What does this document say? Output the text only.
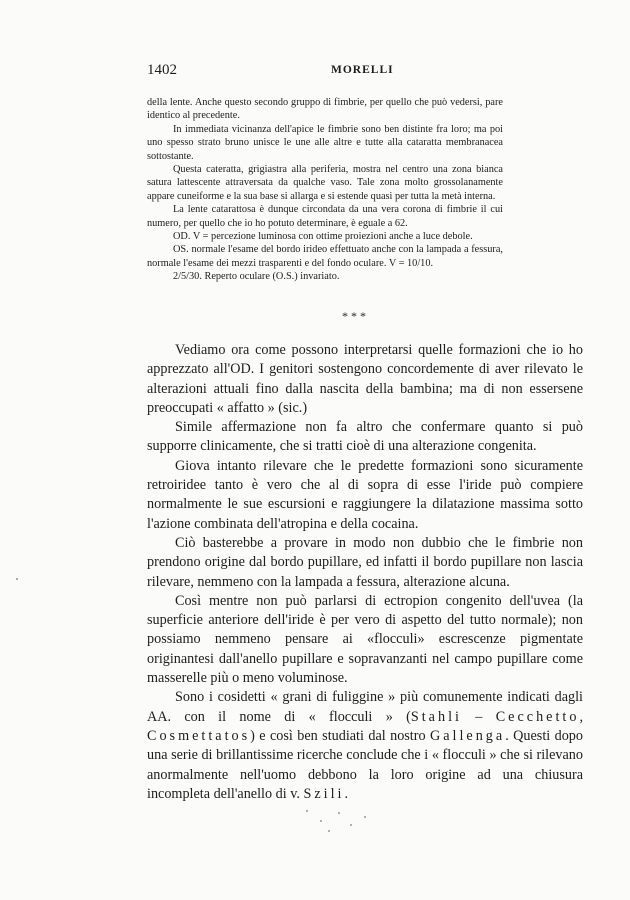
1402	MORELLI

della lente. Anche questo secondo gruppo di fimbrie, per quello che può vedersi, pare identico al precedente.

In immediata vicinanza dell'apice le fimbrie sono ben distinte fra loro; ma poi uno spesso strato bruno unisce le une alle altre e tutte alla cataratta membranacea sottostante.

Questa cateratta, grigiastra alla periferia, mostra nel centro una zona bianca satura lattescente attraversata da qualche vaso. Tale zona molto grossolanamente appare cuneiforme e la sua base si allarga e si estende quasi per tutta la metà interna.

La lente catarattosa è dunque circondata da una vera corona di fimbrie il cui numero, per quello che io ho potuto determinare, è eguale a 62.

OD. V = percezione luminosa con ottime proiezioni anche a luce debole.

OS. normale l'esame del bordo irideo effettuato anche con la lampada a fessura, normale l'esame dei mezzi trasparenti e del fondo oculare. V = 10/10.

2/5/30. Reperto oculare (O.S.) invariato.

* * *

Vediamo ora come possono interpretarsi quelle formazioni che io ho apprezzato all'OD. I genitori sostengono concordemente di aver rilevato le alterazioni attuali fino dalla nascita della bambina; ma di non essersene preoccupati « affatto » (sic.)

Simile affermazione non fa altro che confermare quanto si può supporre clinicamente, che si tratti cioè di una alterazione congenita.

Giova intanto rilevare che le predette formazioni sono sicuramente retroiridee tanto è vero che al di sopra di esse l'iride può compiere normalmente le sue escursioni e raggiungere la dilatazione massima sotto l'azione combinata dell'atropina e della cocaina.

Ciò basterebbe a provare in modo non dubbio che le fimbrie non prendono origine dal bordo pupillare, ed infatti il bordo pupillare non lascia rilevare, nemmeno con la lampada a fessura, alterazione alcuna.

Così mentre non può parlarsi di ectropion congenito dell'uvea (la superficie anteriore dell'iride è per vero di aspetto del tutto normale); non possiamo nemmeno pensare ai «flocculi» escrescenze pigmentate originantesi dall'anello pupillare e sopravanzanti nel campo pupillare come masserelle più o meno voluminose.

Sono i cosidetti « grani di fuliggine » più comunemente indicati dagli AA. con il nome di « flocculi » (Stahli – Cecchetto, Cosmettatos) e così ben studiati dal nostro Gallenga. Questi dopo una serie di brillantissime ricerche conclude che i « flocculi » che si rilevano anormalmente nell'uomo debbono la loro origine ad una chiusura incompleta dell'anello di v. Szili.
